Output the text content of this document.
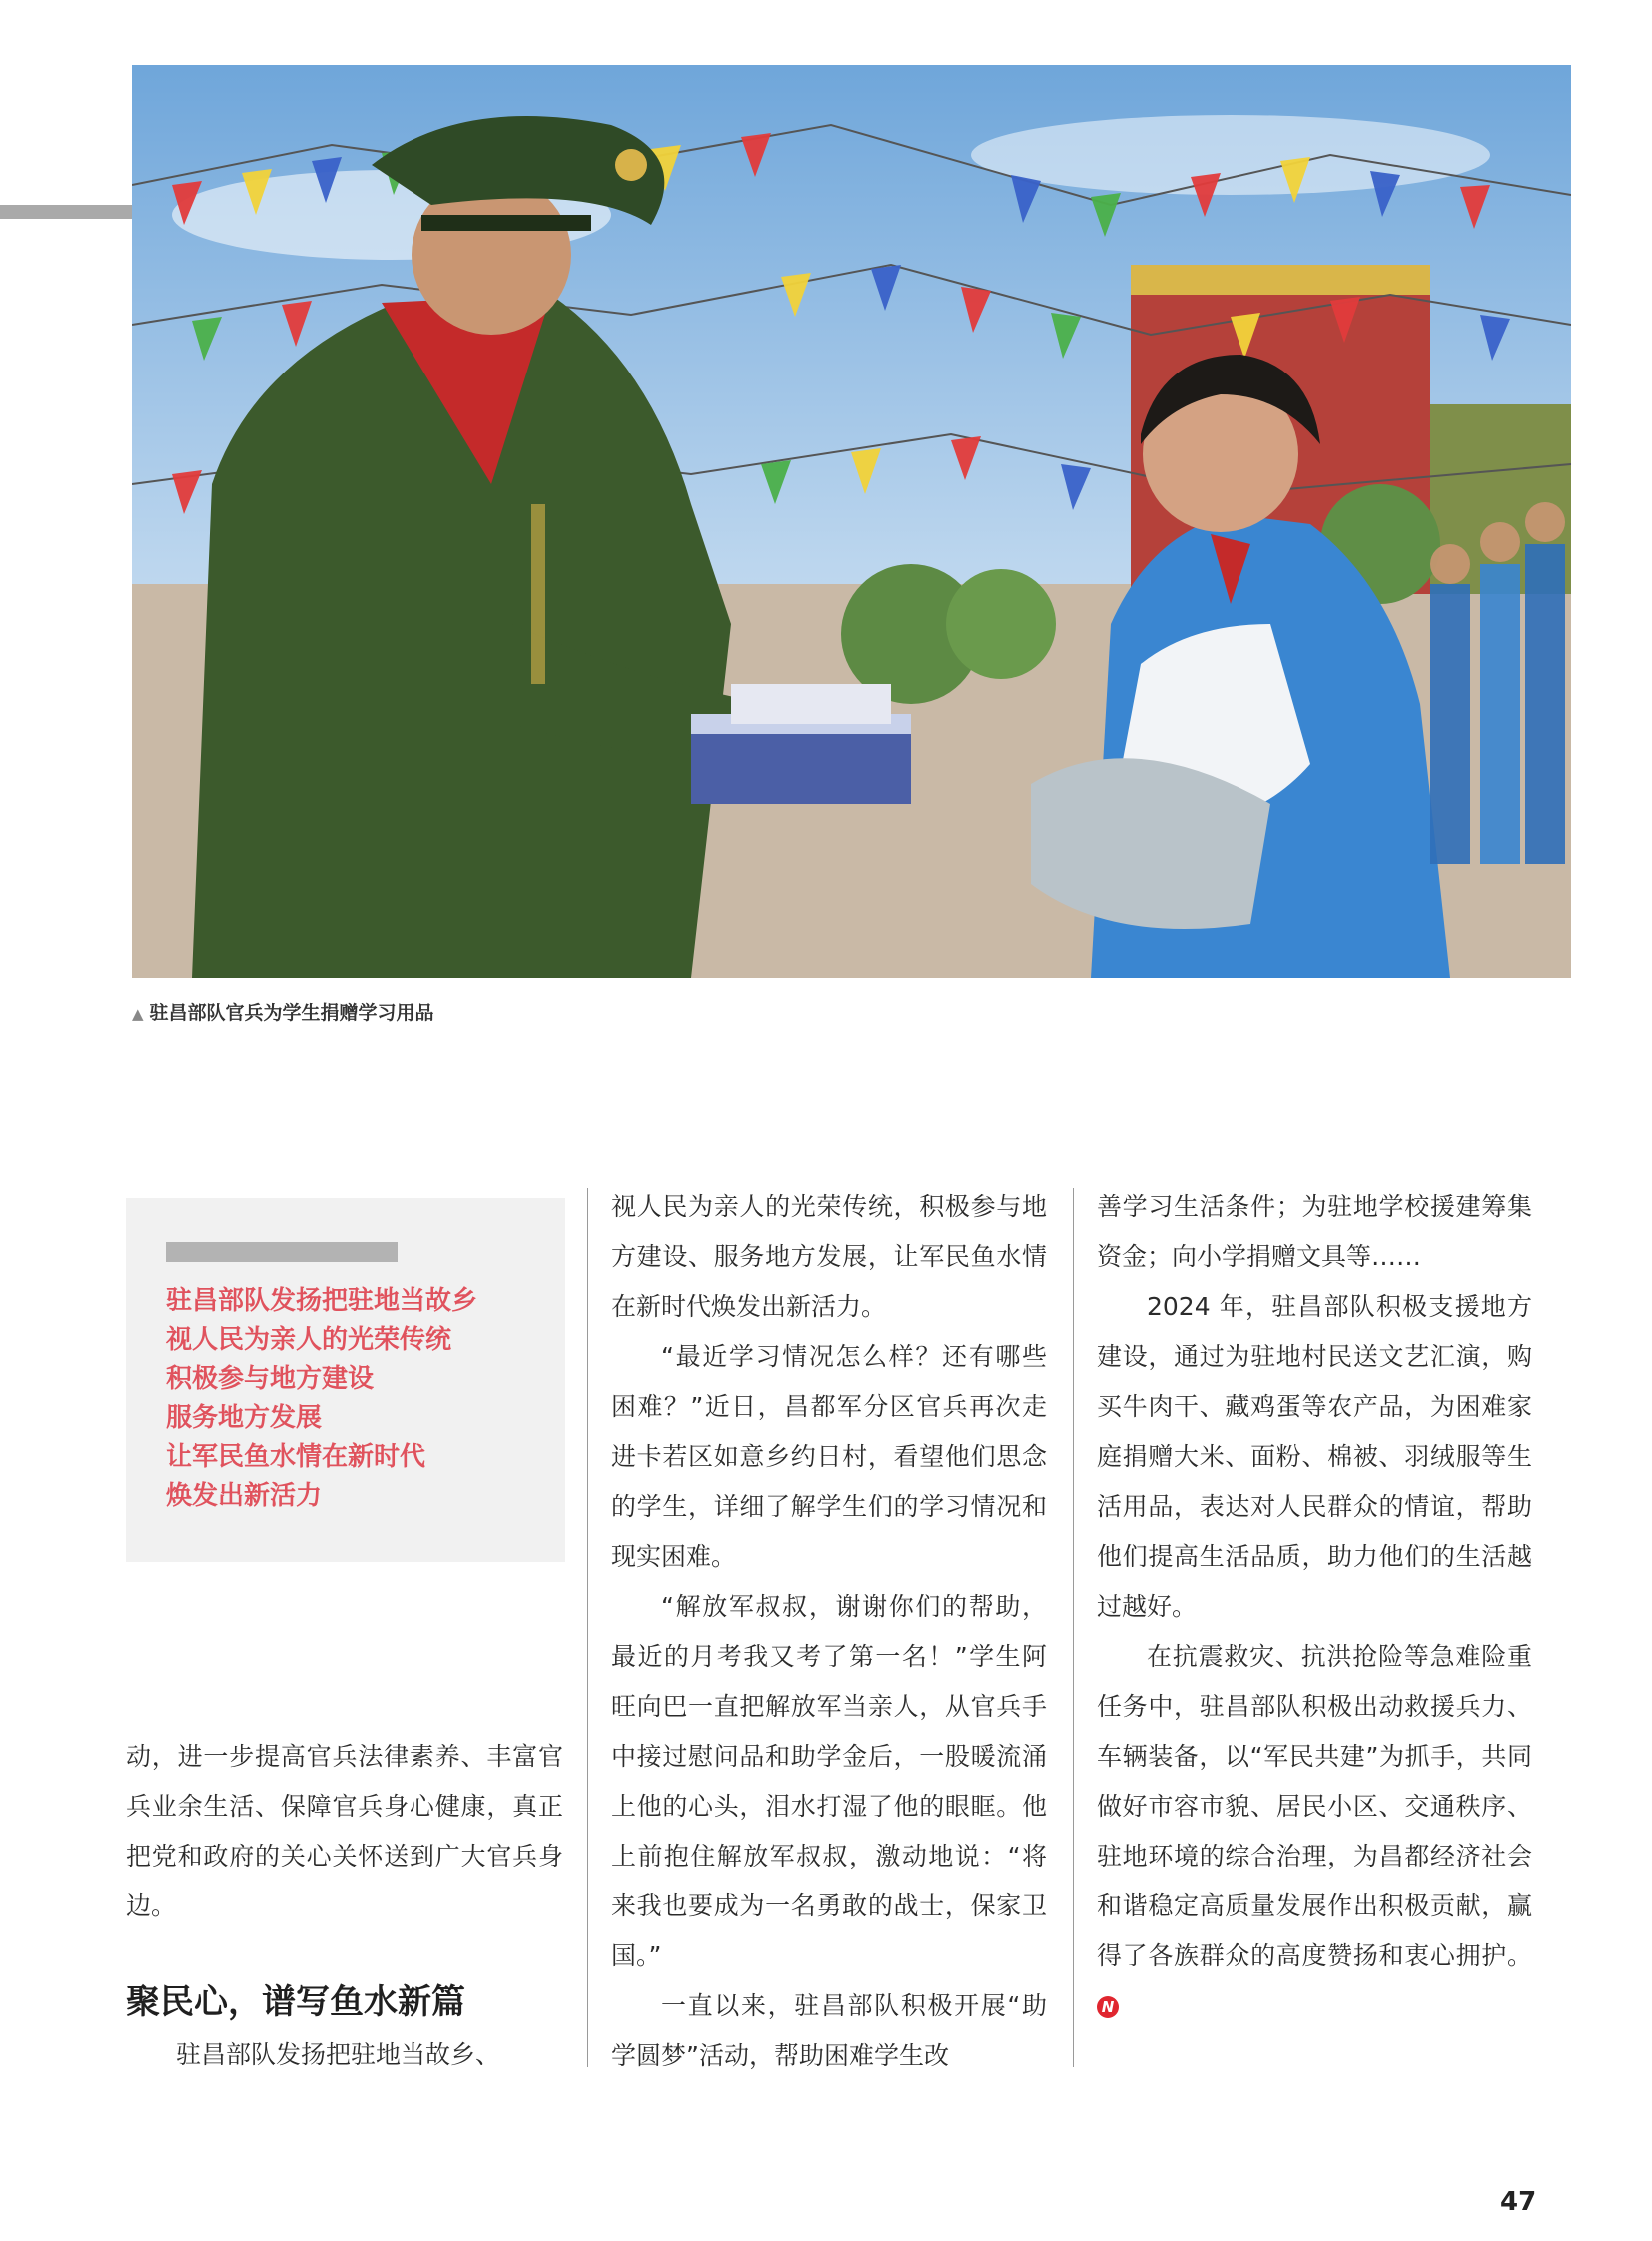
▲ 驻昌部队官兵为学生捐赠学习用品
驻昌部队发扬把驻地当故乡
视人民为亲人的光荣传统
积极参与地方建设
服务地方发展
让军民鱼水情在新时代
焕发出新活力

动，进一步提高官兵法律素养、丰富官兵业余生活、保障官兵身心健康，真正把党和政府的关心关怀送到广大官兵身边。

聚民心，谱写鱼水新篇

驻昌部队发扬把驻地当故乡、

视人民为亲人的光荣传统，积极参与地方建设、服务地方发展，让军民鱼水情在新时代焕发出新活力。

“最近学习情况怎么样？还有哪些困难？”近日，昌都军分区官兵再次走进卡若区如意乡约日村，看望他们思念的学生，详细了解学生们的学习情况和现实困难。

“解放军叔叔，谢谢你们的帮助，最近的月考我又考了第一名！”学生阿旺向巴一直把解放军当亲人，从官兵手中接过慰问品和助学金后，一股暖流涌上他的心头，泪水打湿了他的眼眶。他上前抱住解放军叔叔，激动地说：“将来我也要成为一名勇敢的战士，保家卫国。”

一直以来，驻昌部队积极开展“助学圆梦”活动，帮助困难学生改

善学习生活条件；为驻地学校援建筹集资金；向小学捐赠文具等……

2024 年，驻昌部队积极支援地方建设，通过为驻地村民送文艺汇演，购买牛肉干、藏鸡蛋等农产品，为困难家庭捐赠大米、面粉、棉被、羽绒服等生活用品，表达对人民群众的情谊，帮助他们提高生活品质，助力他们的生活越过越好。

在抗震救灾、抗洪抢险等急难险重任务中，驻昌部队积极出动救援兵力、车辆装备，以“军民共建”为抓手，共同做好市容市貌、居民小区、交通秩序、驻地环境的综合治理，为昌都经济社会和谐稳定高质量发展作出积极贡献，赢得了各族群众的高度赞扬和衷心拥护。N

47
